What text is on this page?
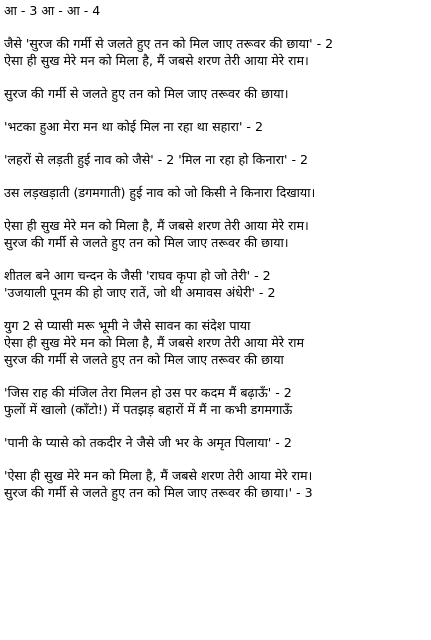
आ - 3 आ - आ - 4
जैसे 'सुरज की गर्मी से जलते हुए तन को मिल जाए तरूवर की छाया' - 2
ऐसा ही सुख मेरे मन को मिला है, मैं जबसे शरण तेरी आया मेरे राम।
सुरज की गर्मी से जलते हुए तन को मिल जाए तरूवर की छाया।
'भटका हुआ मेरा मन था कोई मिल ना रहा था सहारा' - 2
'लहरों से लड़ती हुई नाव को जैसे' - 2 'मिल ना रहा हो किनारा' - 2
उस लड़खड़ाती (डगमगाती) हुई नाव को जो किसी ने किनारा दिखाया।
ऐसा ही सुख मेरे मन को मिला है, मैं जबसे शरण तेरी आया मेरे राम।
सुरज की गर्मी से जलते हुए तन को मिल जाए तरूवर की छाया।
शीतल बने आग चन्दन के जैसी 'राघव कृपा हो जो तेरी' - 2
'उजयाली पूनम की हो जाए रातें, जो थी अमावस अंधेरी' - 2
युग 2 से प्यासी मरू भूमी ने जैसे सावन का संदेश पाया
ऐसा ही सुख मेरे मन को मिला है, मैं जबसे शरण तेरी आया मेरे राम
सुरज की गर्मी से जलते हुए तन को मिल जाए तरूवर की छाया
'जिस राह की मंजिल तेरा मिलन हो उस पर कदम मैं बढ़ाऊँ' - 2
फुलों में खालो (काँटो!) में पतझड़ बहारों में मैं ना कभी डगमगाऊँ
'पानी के प्यासे को तकदीर ने जैसे जी भर के अमृत पिलाया' - 2
'ऐसा ही सुख मेरे मन को मिला है, मैं जबसे शरण तेरी आया मेरे राम।
सुरज की गर्मी से जलते हुए तन को मिल जाए तरूवर की छाया।' - 3
